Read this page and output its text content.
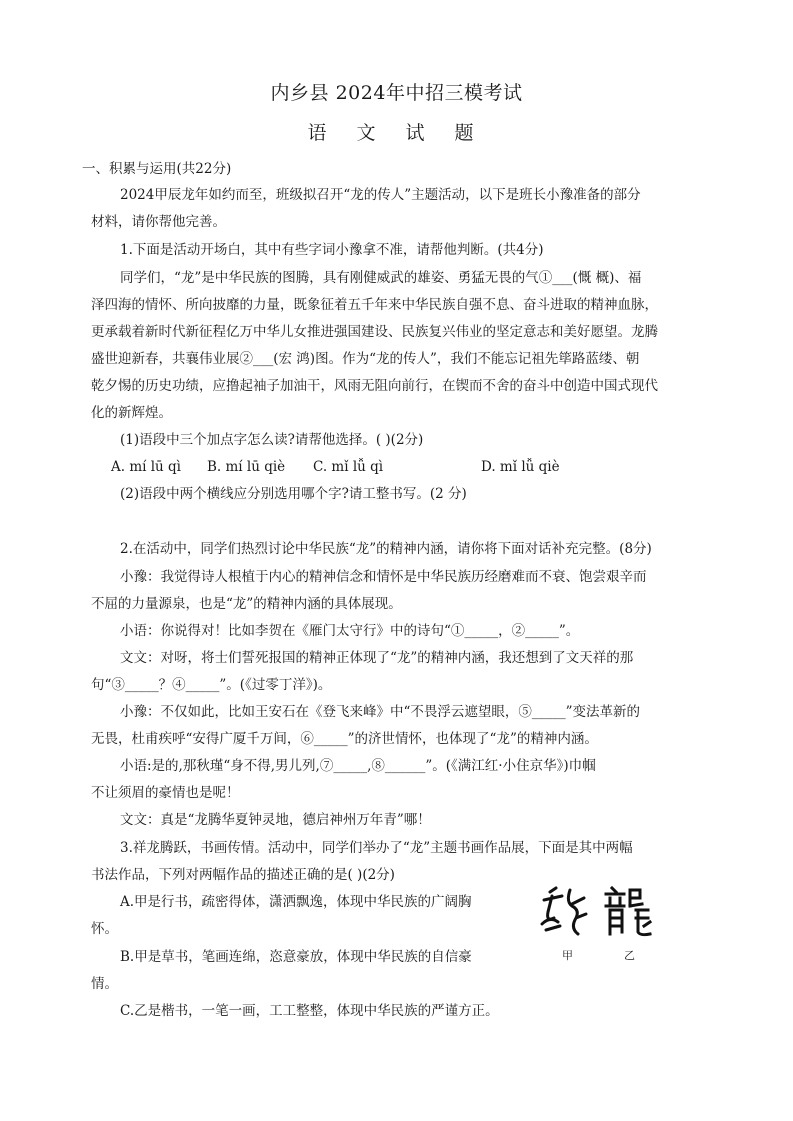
内乡县 2024年中招三模考试
语 文 试 题
一、积累与运用(共22分)
2024甲辰龙年如约而至，班级拟召开“龙的传人”主题活动，以下是班长小豫准备的部分
材料，请你帮他完善。
1.下面是活动开场白，其中有些字词小豫拿不准，请帮他判断。(共4分)
同学们，“龙”是中华民族的图腾，具有刚健威武的雄姿、勇猛无畏的气①___(慨 概)、福
泽四海的情怀、所向披靡的力量，既象征着五千年来中华民族自强不息、奋斗进取的精神血脉，
更承载着新时代新征程亿万中华儿女推进强国建设、民族复兴伟业的坚定意志和美好愿望。龙腾
盛世迎新春，共襄伟业展②___(宏 鸿)图。作为“龙的传人”，我们不能忘记祖先筚路蓝缕、朝
乾夕惕的历史功绩，应撸起袖子加油干，风雨无阻向前行，在锲而不舍的奋斗中创造中国式现代
化的新辉煌。
(1)语段中三个加点字怎么读?请帮他选择。( )(2分)
A. mí lū qì B. mí lū qiè C. mǐ lǚ qì	D. mǐ lǚ qiè
(2)语段中两个横线应分别选用哪个字?请工整书写。(2 分)
2.在活动中，同学们热烈讨论中华民族“龙”的精神内涵，请你将下面对话补充完整。(8分)
小豫：我觉得诗人根植于内心的精神信念和情怀是中华民族历经磨难而不衰、饱尝艰辛而
不屈的力量源泉，也是“龙”的精神内涵的具体展现。
小语：你说得对！比如李贺在《雁门太守行》中的诗句“①_____，②_____”。
文文：对呀，将士们誓死报国的精神正体现了“龙”的精神内涵，我还想到了文天祥的那
句“③_____？④_____”。(《过零丁洋》)。
小豫：不仅如此，比如王安石在《登飞来峰》中“不畏浮云遮望眼，⑤_____”变法革新的
无畏，杜甫疾呼“安得广厦千万间，⑥_____”的济世情怀，也体现了“龙”的精神内涵。
小语:是的,那秋瑾“身不得,男儿列,⑦_____,⑧______”。(《满江红·小住京华》)巾帼
不让须眉的豪情也是呢！
文文：真是“龙腾华夏钟灵地，德启神州万年青”哪！
3.祥龙腾跃，书画传情。活动中，同学们举办了“龙”主题书画作品展，下面是其中两幅
书法作品，下列对两幅作品的描述正确的是( )(2分)
A.甲是行书，疏密得体，潇洒飘逸，体现中华民族的广阔胸
怀。
B.甲是草书，笔画连绵，恣意豪放，体现中华民族的自信豪
情。
C.乙是楷书，一笔一画，工工整整，体现中华民族的严谨方正。
甲	乙
